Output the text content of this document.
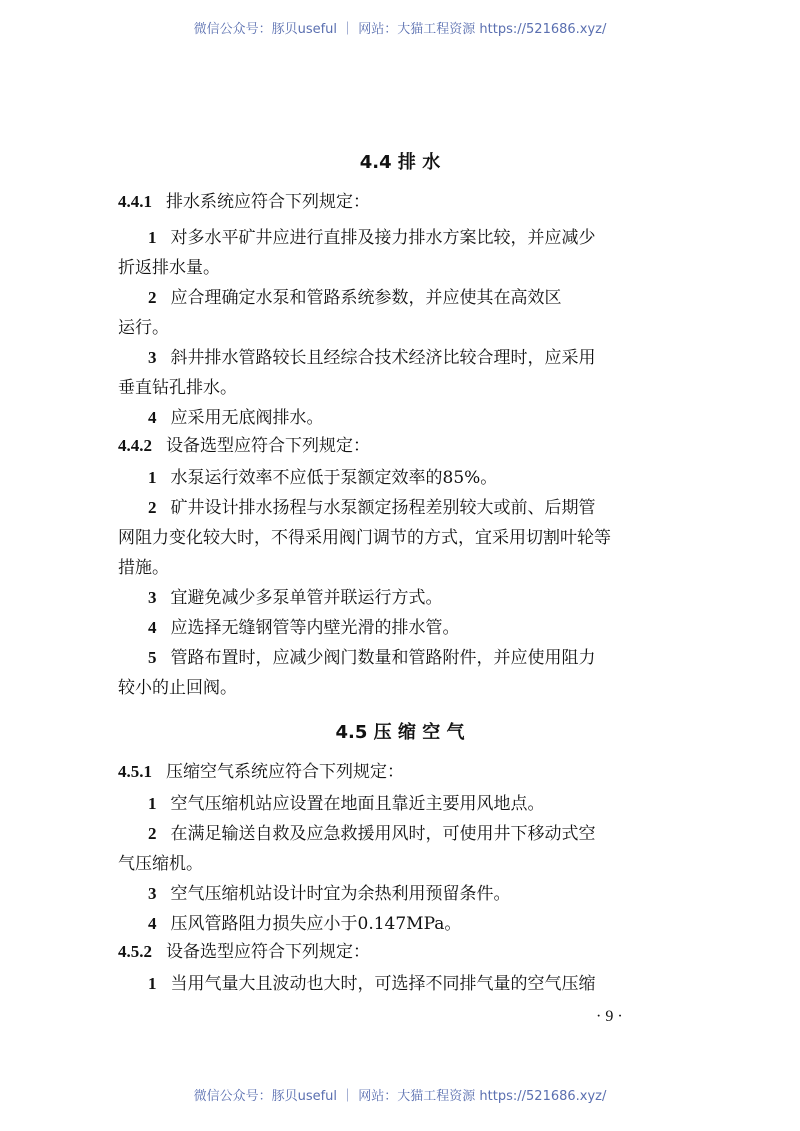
微信公众号：豚贝useful ｜ 网站：大猫工程资源 https://521686.xyz/
4.4 排 水
4.4.1 排水系统应符合下列规定：
1 对多水平矿井应进行直排及接力排水方案比较，并应减少
折返排水量。
2 应合理确定水泵和管路系统参数，并应使其在高效区
运行。
3 斜井排水管路较长且经综合技术经济比较合理时，应采用
垂直钻孔排水。
4 应采用无底阀排水。
4.4.2 设备选型应符合下列规定：
1 水泵运行效率不应低于泵额定效率的85%。
2 矿井设计排水扬程与水泵额定扬程差别较大或前、后期管
网阻力变化较大时，不得采用阀门调节的方式，宜采用切割叶轮等
措施。
3 宜避免减少多泵单管并联运行方式。
4 应选择无缝钢管等内壁光滑的排水管。
5 管路布置时，应减少阀门数量和管路附件，并应使用阻力
较小的止回阀。
4.5 压 缩 空 气
4.5.1 压缩空气系统应符合下列规定：
1 空气压缩机站应设置在地面且靠近主要用风地点。
2 在满足输送自救及应急救援用风时，可使用井下移动式空
气压缩机。
3 空气压缩机站设计时宜为余热利用预留条件。
4 压风管路阻力损失应小于0.147MPa。
4.5.2 设备选型应符合下列规定：
1 当用气量大且波动也大时，可选择不同排气量的空气压缩
· 9 ·
微信公众号：豚贝useful ｜ 网站：大猫工程资源 https://521686.xyz/
